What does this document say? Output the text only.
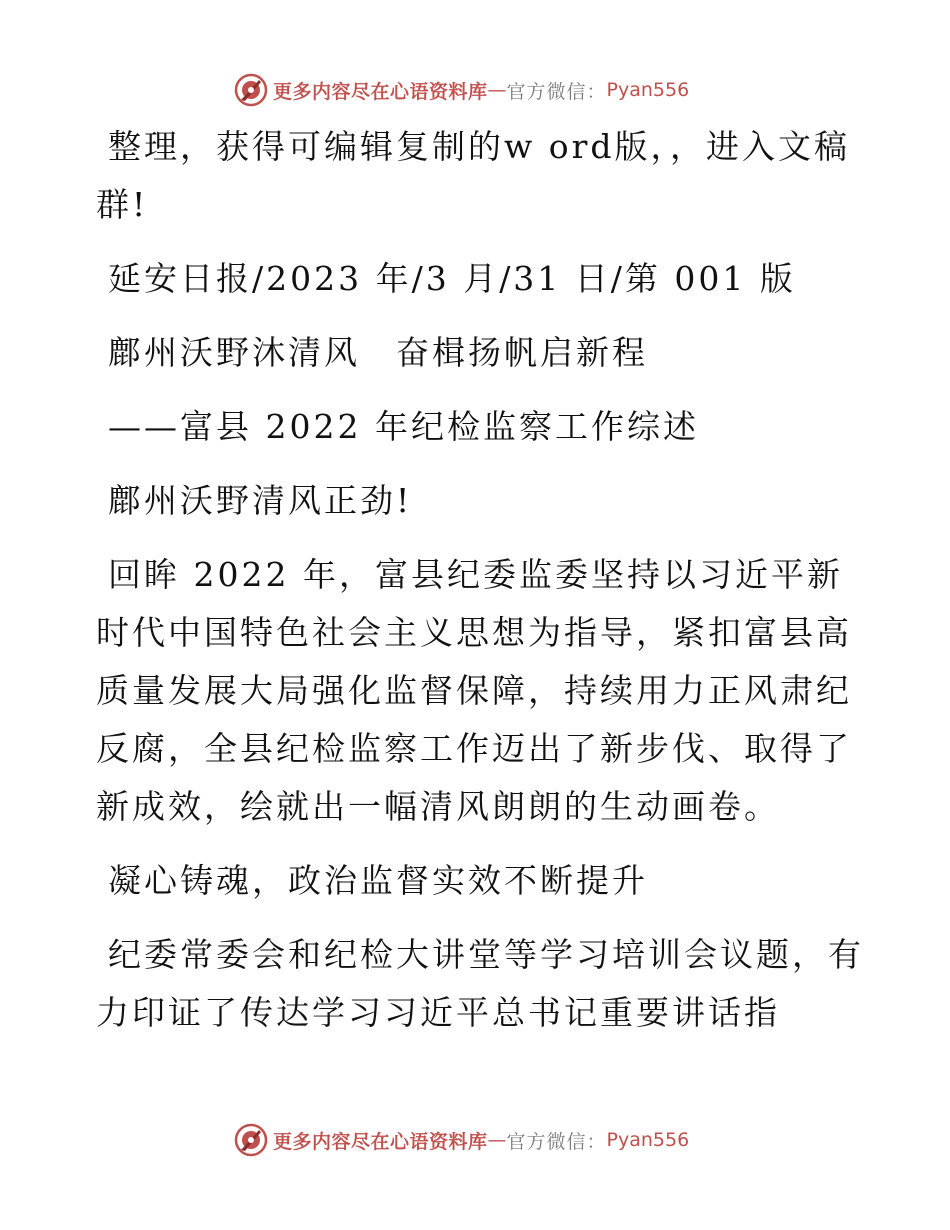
更多内容尽在心语资料库 — 官方微信： Pyan556

整理，获得可编辑复制的w ord版，，进入文稿群!

延安日报/2023 年/3 月/31 日/第 001 版

鄜州沃野沐清风　奋楫扬帆启新程

——富县 2022 年纪检监察工作综述

鄜州沃野清风正劲!

回眸 2022 年，富县纪委监委坚持以习近平新时代中国特色社会主义思想为指导，紧扣富县高质量发展大局强化监督保障，持续用力正风肃纪反腐，全县纪检监察工作迈出了新步伐、取得了新成效，绘就出一幅清风朗朗的生动画卷。

凝心铸魂，政治监督实效不断提升

纪委常委会和纪检大讲堂等学习培训会议题，有力印证了传达学习习近平总书记重要讲话指

更多内容尽在心语资料库 — 官方微信： Pyan556
